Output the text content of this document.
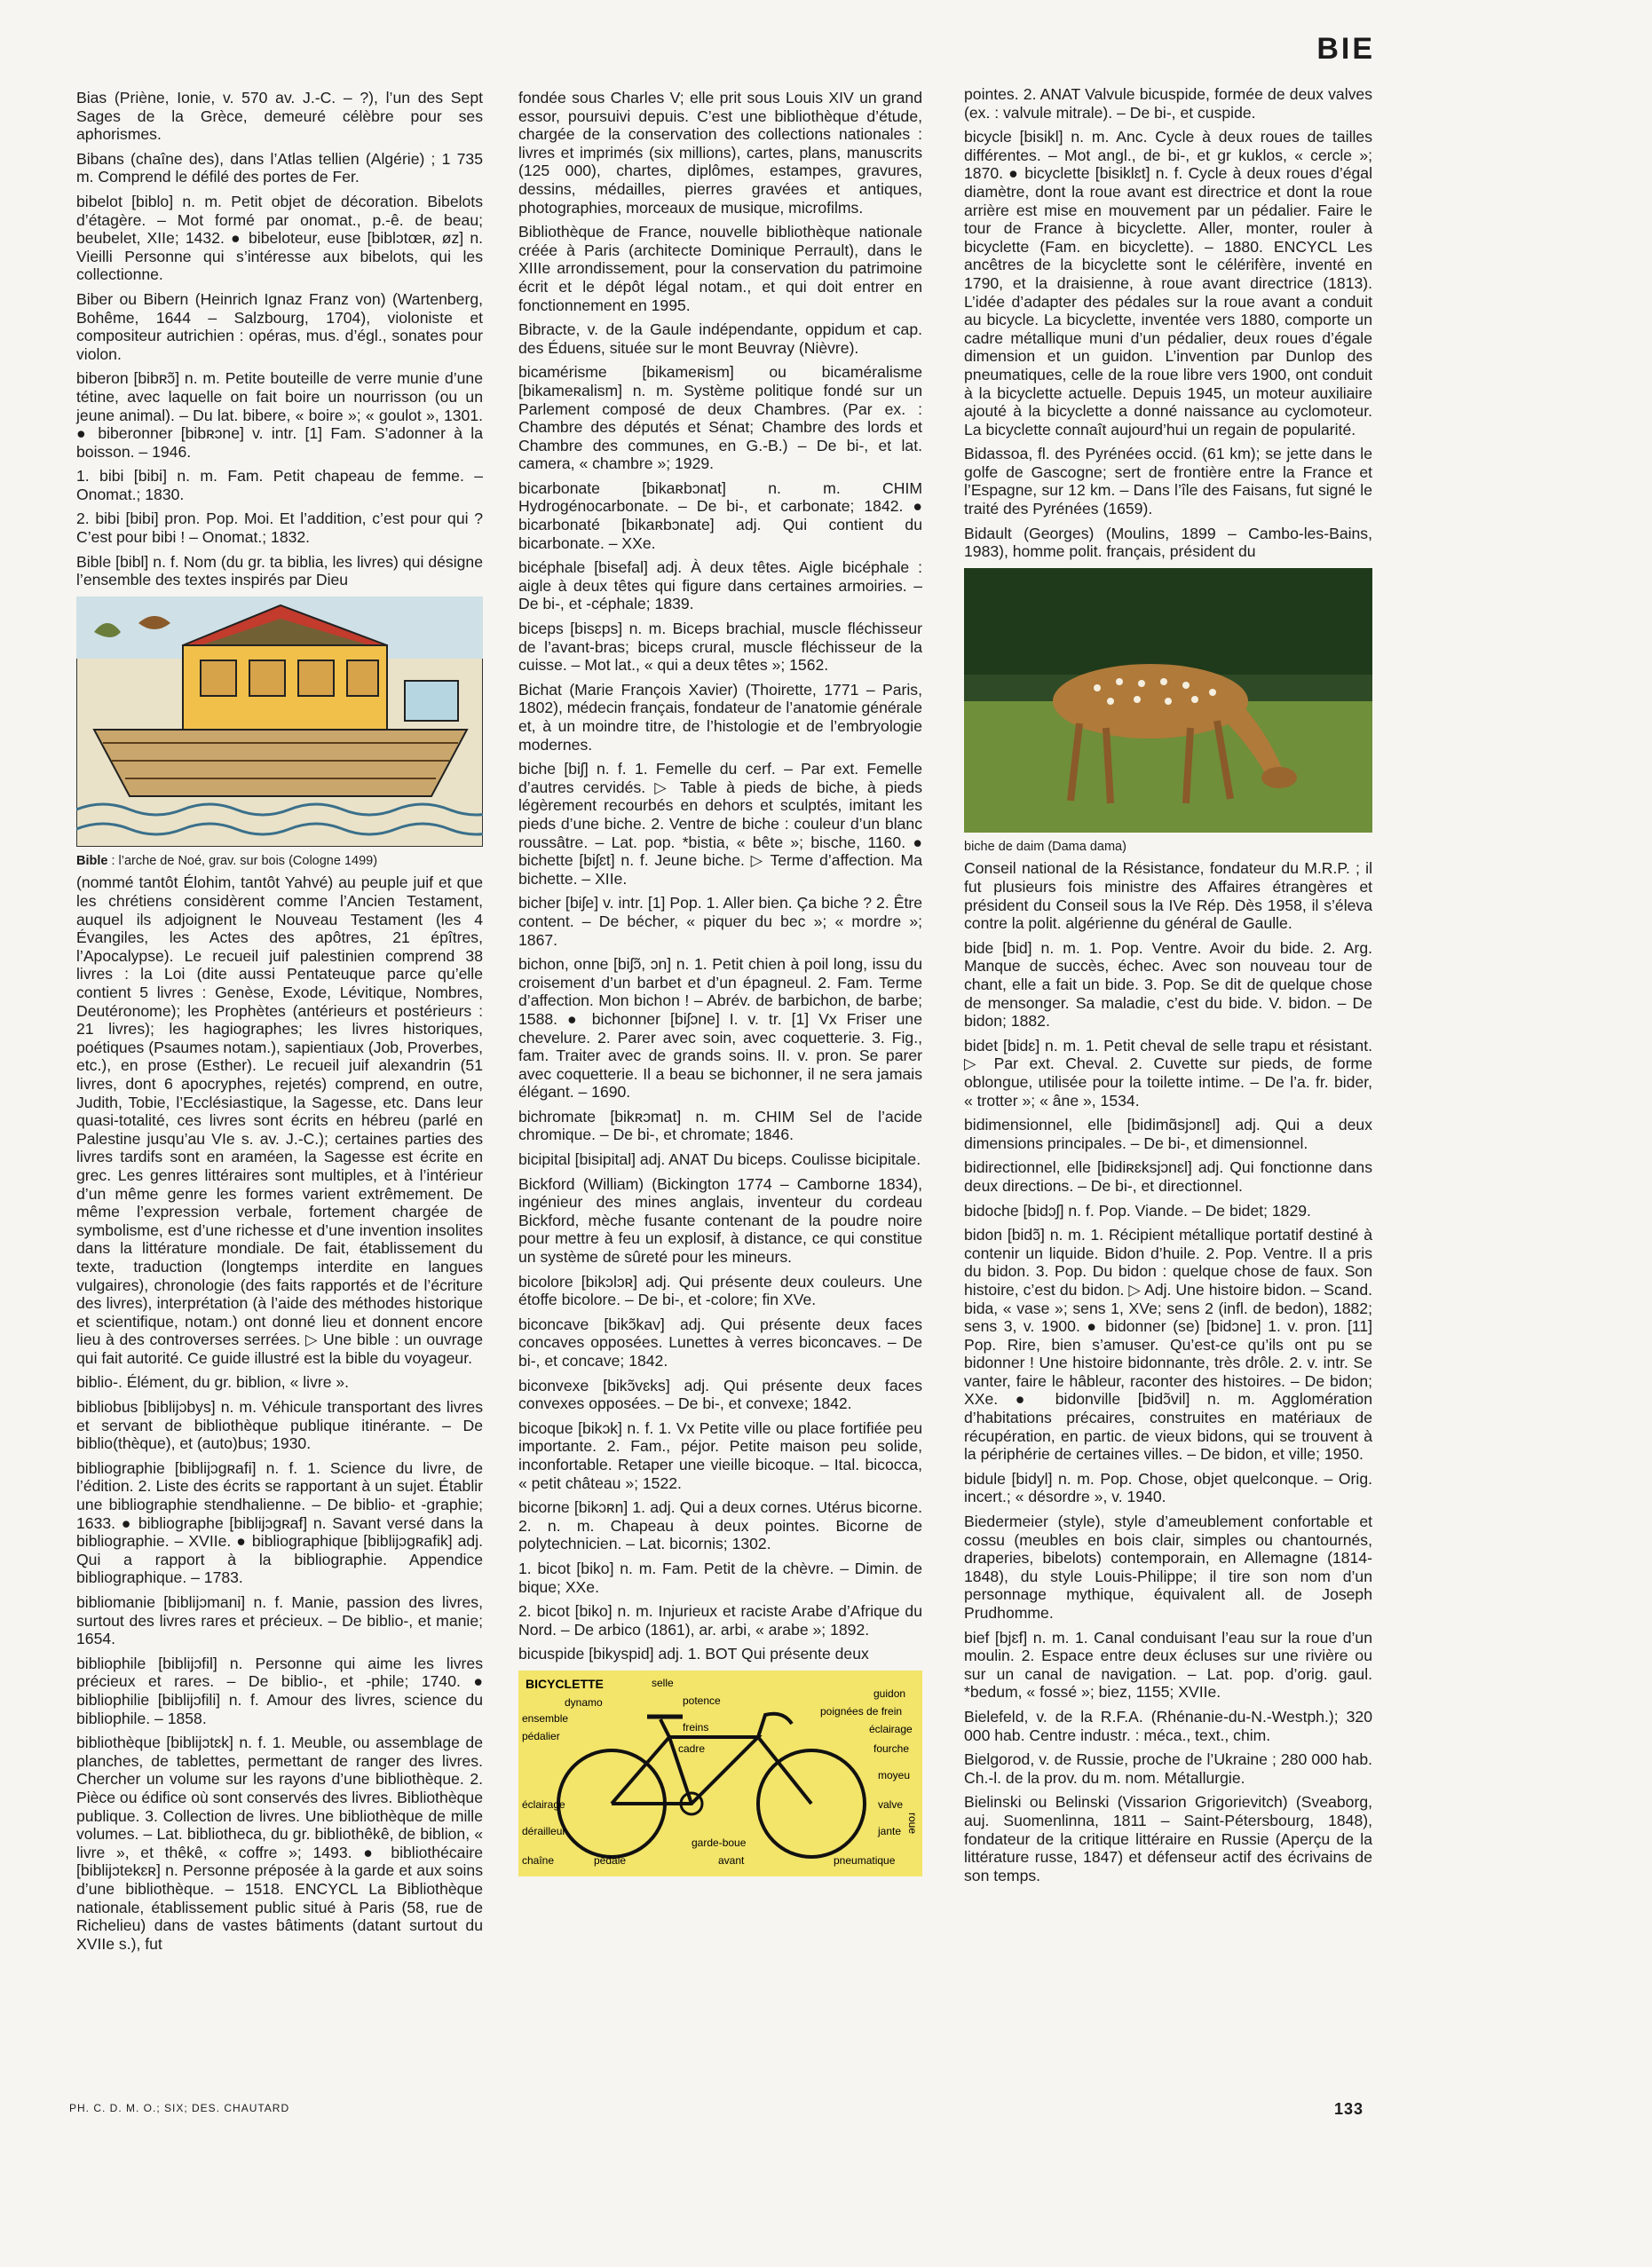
BIE

Bias (Priène, Ionie, v. 570 av. J.-C. – ?), l’un des Sept Sages de la Grèce, demeuré célèbre pour ses aphorismes.

Bibans (chaîne des), dans l’Atlas tellien (Algérie) ; 1 735 m. Comprend le défilé des portes de Fer.

bibelot [biblo] n. m. Petit objet de décoration. Bibelots d’étagère. – Mot formé par onomat., p.-ê. de beau; beubelet, XIIe; 1432. ● bibeloteur, euse [biblɔtœʀ, øz] n. Vieilli Personne qui s’intéresse aux bibelots, qui les collectionne.

Biber ou Bibern (Heinrich Ignaz Franz von) (Wartenberg, Bohême, 1644 – Salzbourg, 1704), violoniste et compositeur autrichien : opéras, mus. d’égl., sonates pour violon.

biberon [bibʀɔ̃] n. m. Petite bouteille de verre munie d’une tétine, avec laquelle on fait boire un nourrisson (ou un jeune animal). – Du lat. bibere, « boire »; « goulot », 1301. ● biberonner [bibʀɔne] v. intr. [1] Fam. S’adonner à la boisson. – 1946.

1. bibi [bibi] n. m. Fam. Petit chapeau de femme. – Onomat.; 1830.

2. bibi [bibi] pron. Pop. Moi. Et l’addition, c’est pour qui ? C’est pour bibi ! – Onomat.; 1832.

Bible [bibl] n. f. Nom (du gr. ta biblia, les livres) qui désigne l’ensemble des textes inspirés par Dieu

Bible : l’arche de Noé, grav. sur bois (Cologne 1499)

(nommé tantôt Élohim, tantôt Yahvé) au peuple juif et que les chrétiens considèrent comme l’Ancien Testament, auquel ils adjoignent le Nouveau Testament (les 4 Évangiles, les Actes des apôtres, 21 épîtres, l’Apocalypse). Le recueil juif palestinien comprend 38 livres : la Loi (dite aussi Pentateuque parce qu’elle contient 5 livres : Genèse, Exode, Lévitique, Nombres, Deutéronome); les Prophètes (antérieurs et postérieurs : 21 livres); les hagiographes; les livres historiques, poétiques (Psaumes notam.), sapientiaux (Job, Proverbes, etc.), en prose (Esther). Le recueil juif alexandrin (51 livres, dont 6 apocryphes, rejetés) comprend, en outre, Judith, Tobie, l’Ecclésiastique, la Sagesse, etc. Dans leur quasi-totalité, ces livres sont écrits en hébreu (parlé en Palestine jusqu’au VIe s. av. J.-C.); certaines parties des livres tardifs sont en araméen, la Sagesse est écrite en grec. Les genres littéraires sont multiples, et à l’intérieur d’un même genre les formes varient extrêmement. De même l’expression verbale, fortement chargée de symbolisme, est d’une richesse et d’une invention insolites dans la littérature mondiale. De fait, établissement du texte, traduction (longtemps interdite en langues vulgaires), chronologie (des faits rapportés et de l’écriture des livres), interprétation (à l’aide des méthodes historique et scientifique, notam.) ont donné lieu et donnent encore lieu à des controverses serrées. ▷ Une bible : un ouvrage qui fait autorité. Ce guide illustré est la bible du voyageur.

biblio-. Élément, du gr. biblion, « livre ».

bibliobus [biblijɔbys] n. m. Véhicule transportant des livres et servant de bibliothèque publique itinérante. – De biblio(thèque), et (auto)bus; 1930.

bibliographie [biblijɔgʀafi] n. f. 1. Science du livre, de l’édition. 2. Liste des écrits se rapportant à un sujet. Établir une bibliographie stendhalienne. – De biblio- et -graphie; 1633. ● bibliographe [biblijɔgʀaf] n. Savant versé dans la bibliographie. – XVIIe. ● bibliographique [biblijɔgʀafik] adj. Qui a rapport à la bibliographie. Appendice bibliographique. – 1783.

bibliomanie [biblijɔmani] n. f. Manie, passion des livres, surtout des livres rares et précieux. – De biblio-, et manie; 1654.

bibliophile [biblijɔfil] n. Personne qui aime les livres précieux et rares. – De biblio-, et -phile; 1740. ● bibliophilie [biblijɔfili] n. f. Amour des livres, science du bibliophile. – 1858.

bibliothèque [biblijɔtɛk] n. f. 1. Meuble, ou assemblage de planches, de tablettes, permettant de ranger des livres. Chercher un volume sur les rayons d’une bibliothèque. 2. Pièce ou édifice où sont conservés des livres. Bibliothèque publique. 3. Collection de livres. Une bibliothèque de mille volumes. – Lat. bibliotheca, du gr. bibliothêkê, de biblion, « livre », et thêkê, « coffre »; 1493. ● bibliothécaire [biblijɔtekɛʀ] n. Personne préposée à la garde et aux soins d’une bibliothèque. – 1518. ENCYCL La Bibliothèque nationale, établissement public situé à Paris (58, rue de Richelieu) dans de vastes bâtiments (datant surtout du XVIIe s.), fut

fondée sous Charles V; elle prit sous Louis XIV un grand essor, poursuivi depuis. C’est une bibliothèque d’étude, chargée de la conservation des collections nationales : livres et imprimés (six millions), cartes, plans, manuscrits (125 000), chartes, diplômes, estampes, gravures, dessins, médailles, pierres gravées et antiques, photographies, morceaux de musique, microfilms.

Bibliothèque de France, nouvelle bibliothèque nationale créée à Paris (architecte Dominique Perrault), dans le XIIIe arrondissement, pour la conservation du patrimoine écrit et le dépôt légal notam., et qui doit entrer en fonctionnement en 1995.

Bibracte, v. de la Gaule indépendante, oppidum et cap. des Éduens, située sur le mont Beuvray (Nièvre).

bicamérisme [bikameʀism] ou bicaméralisme [bikameʀalism] n. m. Système politique fondé sur un Parlement composé de deux Chambres. (Par ex. : Chambre des députés et Sénat; Chambre des lords et Chambre des communes, en G.-B.) – De bi-, et lat. camera, « chambre »; 1929.

bicarbonate [bikaʀbɔnat] n. m. CHIM Hydrogénocarbonate. – De bi-, et carbonate; 1842. ● bicarbonaté [bikaʀbɔnate] adj. Qui contient du bicarbonate. – XXe.

bicéphale [bisefal] adj. À deux têtes. Aigle bicéphale : aigle à deux têtes qui figure dans certaines armoiries. – De bi-, et -céphale; 1839.

biceps [bisɛps] n. m. Biceps brachial, muscle fléchisseur de l’avant-bras; biceps crural, muscle fléchisseur de la cuisse. – Mot lat., « qui a deux têtes »; 1562.

Bichat (Marie François Xavier) (Thoirette, 1771 – Paris, 1802), médecin français, fondateur de l’anatomie générale et, à un moindre titre, de l’histologie et de l’embryologie modernes.

biche [biʃ] n. f. 1. Femelle du cerf. – Par ext. Femelle d’autres cervidés. ▷ Table à pieds de biche, à pieds légèrement recourbés en dehors et sculptés, imitant les pieds d’une biche. 2. Ventre de biche : couleur d’un blanc roussâtre. – Lat. pop. *bistia, « bête »; bische, 1160. ● bichette [biʃɛt] n. f. Jeune biche. ▷ Terme d’affection. Ma bichette. – XIIe.

bicher [biʃe] v. intr. [1] Pop. 1. Aller bien. Ça biche ? 2. Être content. – De bécher, « piquer du bec »; « mordre »; 1867.

bichon, onne [biʃɔ̃, ɔn] n. 1. Petit chien à poil long, issu du croisement d’un barbet et d’un épagneul. 2. Fam. Terme d’affection. Mon bichon ! – Abrév. de barbichon, de barbe; 1588. ● bichonner [biʃɔne] I. v. tr. [1] Vx Friser une chevelure. 2. Parer avec soin, avec coquetterie. 3. Fig., fam. Traiter avec de grands soins. II. v. pron. Se parer avec coquetterie. Il a beau se bichonner, il ne sera jamais élégant. – 1690.

bichromate [bikʀɔmat] n. m. CHIM Sel de l’acide chromique. – De bi-, et chromate; 1846.

bicipital [bisipital] adj. ANAT Du biceps. Coulisse bicipitale.

Bickford (William) (Bickington 1774 – Camborne 1834), ingénieur des mines anglais, inventeur du cordeau Bickford, mèche fusante contenant de la poudre noire pour mettre à feu un explosif, à distance, ce qui constitue un système de sûreté pour les mineurs.

bicolore [bikɔlɔʀ] adj. Qui présente deux couleurs. Une étoffe bicolore. – De bi-, et -colore; fin XVe.

biconcave [bikɔ̃kav] adj. Qui présente deux faces concaves opposées. Lunettes à verres biconcaves. – De bi-, et concave; 1842.

biconvexe [bikɔ̃vɛks] adj. Qui présente deux faces convexes opposées. – De bi-, et convexe; 1842.

bicoque [bikɔk] n. f. 1. Vx Petite ville ou place fortifiée peu importante. 2. Fam., péjor. Petite maison peu solide, inconfortable. Retaper une vieille bicoque. – Ital. bicocca, « petit château »; 1522.

bicorne [bikɔʀn] 1. adj. Qui a deux cornes. Utérus bicorne. 2. n. m. Chapeau à deux pointes. Bicorne de polytechnicien. – Lat. bicornis; 1302.

1. bicot [biko] n. m. Fam. Petit de la chèvre. – Dimin. de bique; XXe.

2. bicot [biko] n. m. Injurieux et raciste Arabe d’Afrique du Nord. – De arbico (1861), ar. arbi, « arabe »; 1892.

bicuspide [bikyspid] adj. 1. BOT Qui présente deux

BICYCLETTE	selle
guidon
dynamo	potence
poignées de frein
ensemble
freins	éclairage
pédalier
cadre	fourche
moyeu
éclairage	valve
dérailleur	jante
garde-boue
chaîne	pédale	avant	pneumatique
roue

pointes. 2. ANAT Valvule bicuspide, formée de deux valves (ex. : valvule mitrale). – De bi-, et cuspide.

bicycle [bisikl] n. m. Anc. Cycle à deux roues de tailles différentes. – Mot angl., de bi-, et gr kuklos, « cercle »; 1870. ● bicyclette [bisiklɛt] n. f. Cycle à deux roues d’égal diamètre, dont la roue avant est directrice et dont la roue arrière est mise en mouvement par un pédalier. Faire le tour de France à bicyclette. Aller, monter, rouler à bicyclette (Fam. en bicyclette). – 1880. ENCYCL Les ancêtres de la bicyclette sont le célérifère, inventé en 1790, et la draisienne, à roue avant directrice (1813). L’idée d’adapter des pédales sur la roue avant a conduit au bicycle. La bicyclette, inventée vers 1880, comporte un cadre métallique muni d’un pédalier, deux roues d’égale dimension et un guidon. L’invention par Dunlop des pneumatiques, celle de la roue libre vers 1900, ont conduit à la bicyclette actuelle. Depuis 1945, un moteur auxiliaire ajouté à la bicyclette a donné naissance au cyclomoteur. La bicyclette connaît aujourd’hui un regain de popularité.

Bidassoa, fl. des Pyrénées occid. (61 km); se jette dans le golfe de Gascogne; sert de frontière entre la France et l’Espagne, sur 12 km. – Dans l’île des Faisans, fut signé le traité des Pyrénées (1659).

Bidault (Georges) (Moulins, 1899 – Cambo-les-Bains, 1983), homme polit. français, président du

biche de daim (Dama dama)

Conseil national de la Résistance, fondateur du M.R.P. ; il fut plusieurs fois ministre des Affaires étrangères et président du Conseil sous la IVe Rép. Dès 1958, il s’éleva contre la polit. algérienne du général de Gaulle.

bide [bid] n. m. 1. Pop. Ventre. Avoir du bide. 2. Arg. Manque de succès, échec. Avec son nouveau tour de chant, elle a fait un bide. 3. Pop. Se dit de quelque chose de mensonger. Sa maladie, c’est du bide. V. bidon. – De bidon; 1882.

bidet [bidɛ] n. m. 1. Petit cheval de selle trapu et résistant. ▷ Par ext. Cheval. 2. Cuvette sur pieds, de forme oblongue, utilisée pour la toilette intime. – De l’a. fr. bider, « trotter »; « âne », 1534.

bidimensionnel, elle [bidimɑ̃sjɔnɛl] adj. Qui a deux dimensions principales. – De bi-, et dimensionnel.

bidirectionnel, elle [bidiʀɛksjɔnɛl] adj. Qui fonctionne dans deux directions. – De bi-, et directionnel.

bidoche [bidɔʃ] n. f. Pop. Viande. – De bidet; 1829.

bidon [bidɔ̃] n. m. 1. Récipient métallique portatif destiné à contenir un liquide. Bidon d’huile. 2. Pop. Ventre. Il a pris du bidon. 3. Pop. Du bidon : quelque chose de faux. Son histoire, c’est du bidon. ▷ Adj. Une histoire bidon. – Scand. bida, « vase »; sens 1, XVe; sens 2 (infl. de bedon), 1882; sens 3, v. 1900. ● bidonner (se) [bidɔne] 1. v. pron. [11] Pop. Rire, bien s’amuser. Qu’est-ce qu’ils ont pu se bidonner ! Une histoire bidonnante, très drôle. 2. v. intr. Se vanter, faire le hâbleur, raconter des histoires. – De bidon; XXe. ● bidonville [bidɔ̃vil] n. m. Agglomération d’habitations précaires, construites en matériaux de récupération, en partic. de vieux bidons, qui se trouvent à la périphérie de certaines villes. – De bidon, et ville; 1950.

bidule [bidyl] n. m. Pop. Chose, objet quelconque. – Orig. incert.; « désordre », v. 1940.

Biedermeier (style), style d’ameublement confortable et cossu (meubles en bois clair, simples ou chantournés, draperies, bibelots) contemporain, en Allemagne (1814-1848), du style Louis-Philippe; il tire son nom d’un personnage mythique, équivalent all. de Joseph Prudhomme.

bief [bjɛf] n. m. 1. Canal conduisant l’eau sur la roue d’un moulin. 2. Espace entre deux écluses sur une rivière ou sur un canal de navigation. – Lat. pop. d’orig. gaul. *bedum, « fossé »; biez, 1155; XVIIe.

Bielefeld, v. de la R.F.A. (Rhénanie-du-N.-Westph.); 320 000 hab. Centre industr. : méca., text., chim.

Bielgorod, v. de Russie, proche de l’Ukraine ; 280 000 hab. Ch.-l. de la prov. du m. nom. Métallurgie.

Bielinski ou Belinski (Vissarion Grigorievitch) (Sveaborg, auj. Suomenlinna, 1811 – Saint-Pétersbourg, 1848), fondateur de la critique littéraire en Russie (Aperçu de la littérature russe, 1847) et défenseur actif des écrivains de son temps.

PH. C. D. M. O.; SIX; DES. CHAUTARD	133
